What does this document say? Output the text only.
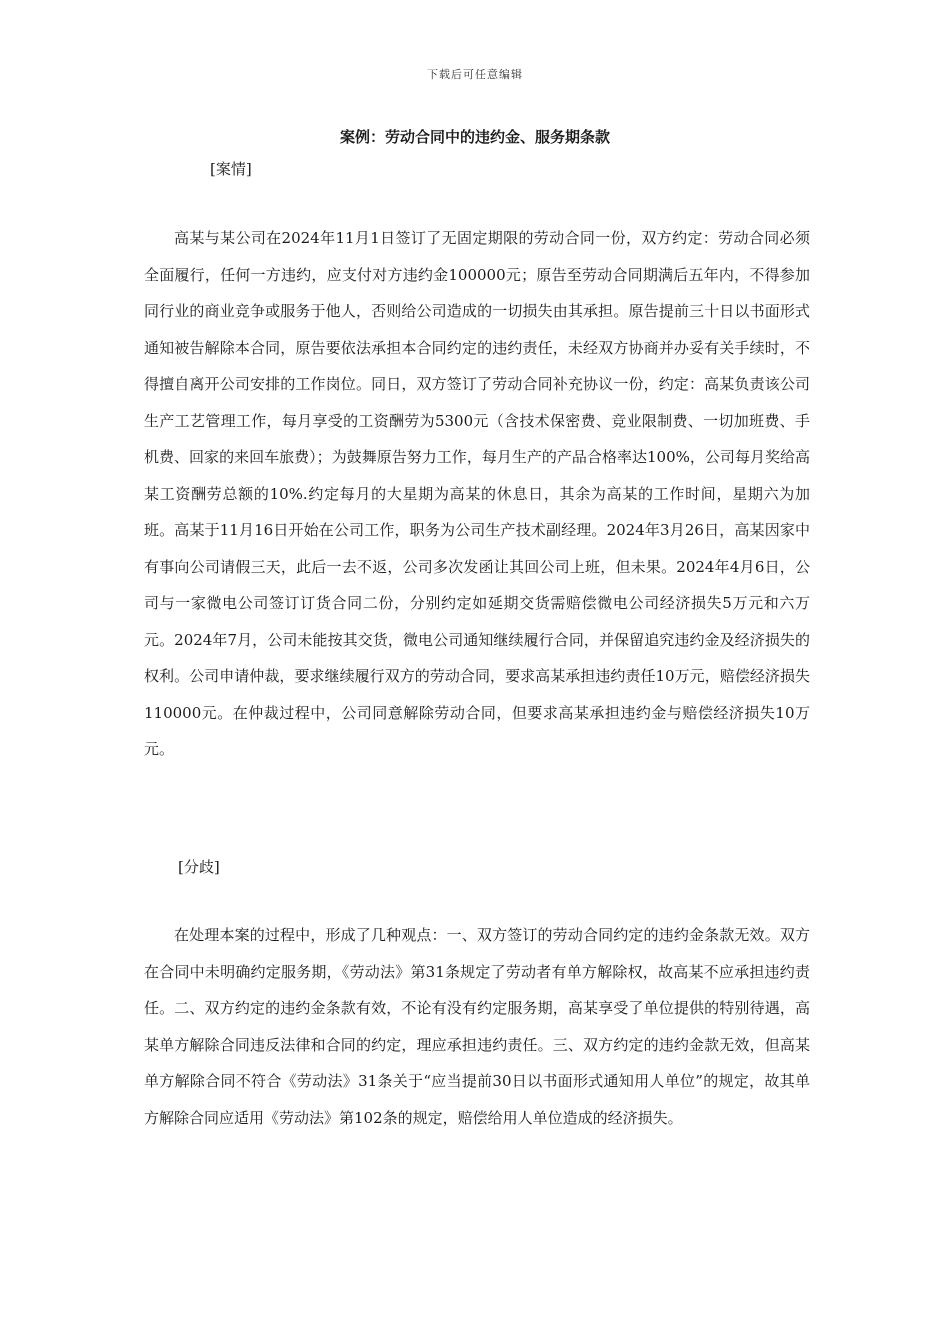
下载后可任意编辑
案例：劳动合同中的违约金、服务期条款
[案情]
高某与某公司在2024年11月1日签订了无固定期限的劳动合同一份，双方约定：劳动合同必须全面履行，任何一方违约，应支付对方违约金100000元；原告至劳动合同期满后五年内，不得参加同行业的商业竞争或服务于他人，否则给公司造成的一切损失由其承担。原告提前三十日以书面形式通知被告解除本合同，原告要依法承担本合同约定的违约责任，未经双方协商并办妥有关手续时，不得擅自离开公司安排的工作岗位。同日，双方签订了劳动合同补充协议一份，约定：高某负责该公司生产工艺管理工作，每月享受的工资酬劳为5300元（含技术保密费、竞业限制费、一切加班费、手机费、回家的来回车旅费）；为鼓舞原告努力工作，每月生产的产品合格率达100%，公司每月奖给高某工资酬劳总额的10%.约定每月的大星期为高某的休息日，其余为高某的工作时间，星期六为加班。高某于11月16日开始在公司工作，职务为公司生产技术副经理。2024年3月26日，高某因家中有事向公司请假三天，此后一去不返，公司多次发函让其回公司上班，但未果。2024年4月6日，公司与一家微电公司签订订货合同二份，分别约定如延期交货需赔偿微电公司经济损失5万元和六万元。2024年7月，公司未能按其交货，微电公司通知继续履行合同，并保留追究违约金及经济损失的权利。公司申请仲裁，要求继续履行双方的劳动合同，要求高某承担违约责任10万元，赔偿经济损失110000元。在仲裁过程中，公司同意解除劳动合同，但要求高某承担违约金与赔偿经济损失10万元。
[分歧]
在处理本案的过程中，形成了几种观点：一、双方签订的劳动合同约定的违约金条款无效。双方在合同中未明确约定服务期，《劳动法》第31条规定了劳动者有单方解除权，故高某不应承担违约责任。二、双方约定的违约金条款有效，不论有没有约定服务期，高某享受了单位提供的特别待遇，高某单方解除合同违反法律和合同的约定，理应承担违约责任。三、双方约定的违约金款无效，但高某单方解除合同不符合《劳动法》31条关于“应当提前30日以书面形式通知用人单位”的规定，故其单方解除合同应适用《劳动法》第102条的规定，赔偿给用人单位造成的经济损失。
